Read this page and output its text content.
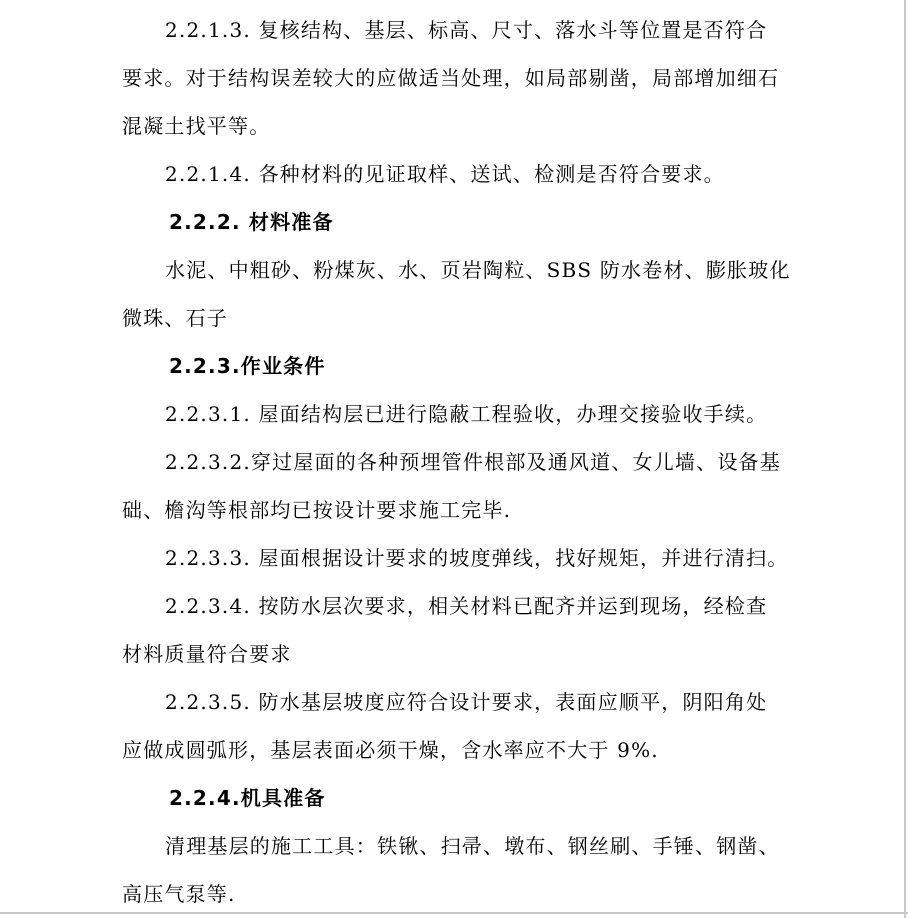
2.2.1.3. 复核结构、基层、标高、尺寸、落水斗等位置是否符合

要求。对于结构误差较大的应做适当处理，如局部剔凿，局部增加细石

混凝土找平等。

2.2.1.4. 各种材料的见证取样、送试、检测是否符合要求。

2.2.2. 材料准备

水泥、中粗砂、粉煤灰、水、页岩陶粒、SBS 防水卷材、膨胀玻化

微珠、石子

2.2.3.作业条件

2.2.3.1. 屋面结构层已进行隐蔽工程验收，办理交接验收手续。

2.2.3.2.穿过屋面的各种预埋管件根部及通风道、女儿墙、设备基

础、檐沟等根部均已按设计要求施工完毕.

2.2.3.3. 屋面根据设计要求的坡度弹线，找好规矩，并进行清扫。

2.2.3.4. 按防水层次要求，相关材料已配齐并运到现场，经检查

材料质量符合要求

2.2.3.5. 防水基层坡度应符合设计要求，表面应顺平，阴阳角处

应做成圆弧形，基层表面必须干燥，含水率应不大于 9%.

2.2.4.机具准备

清理基层的施工工具：铁锹、扫帚、墩布、钢丝刷、手锤、钢凿、

高压气泵等.
